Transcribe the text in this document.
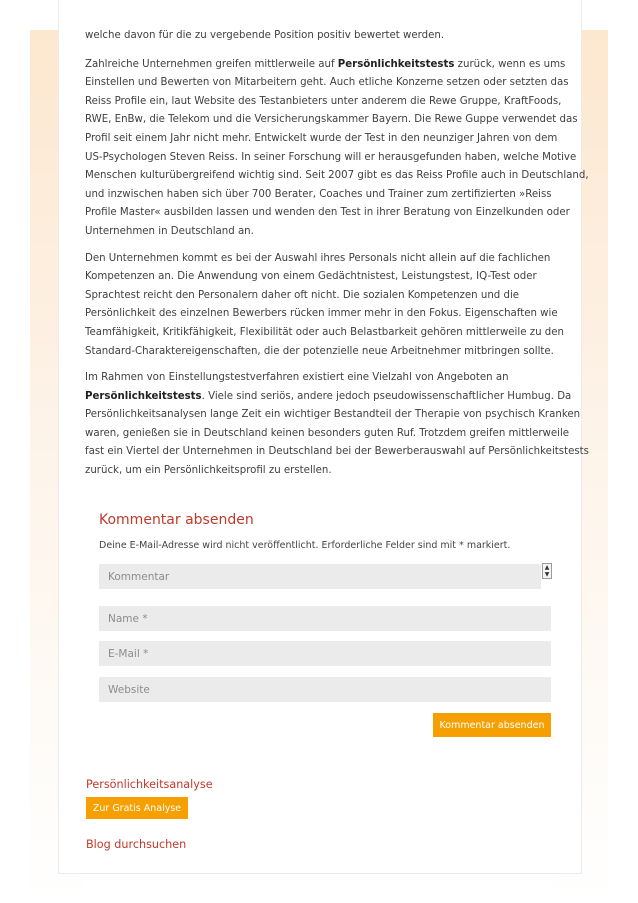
welche davon für die zu vergebende Position positiv bewertet werden.

Zahlreiche Unternehmen greifen mittlerweile auf Persönlichkeitstests zurück, wenn es ums
Einstellen und Bewerten von Mitarbeitern geht. Auch etliche Konzerne setzen oder setzten das
Reiss Profile ein, laut Website des Testanbieters unter anderem die Rewe Gruppe, KraftFoods,
RWE, EnBw, die Telekom und die Versicherungskammer Bayern. Die Rewe Guppe verwendet das
Profil seit einem Jahr nicht mehr. Entwickelt wurde der Test in den neunziger Jahren von dem
US-Psychologen Steven Reiss. In seiner Forschung will er herausgefunden haben, welche Motive
Menschen kulturübergreifend wichtig sind. Seit 2007 gibt es das Reiss Profile auch in Deutschland,
und inzwischen haben sich über 700 Berater, Coaches und Trainer zum zertifizierten »Reiss
Profile Master« ausbilden lassen und wenden den Test in ihrer Beratung von Einzelkunden oder
Unternehmen in Deutschland an.

Den Unternehmen kommt es bei der Auswahl ihres Personals nicht allein auf die fachlichen
Kompetenzen an. Die Anwendung von einem Gedächtnistest, Leistungstest, IQ-Test oder
Sprachtest reicht den Personalern daher oft nicht. Die sozialen Kompetenzen und die
Persönlichkeit des einzelnen Bewerbers rücken immer mehr in den Fokus. Eigenschaften wie
Teamfähigkeit, Kritikfähigkeit, Flexibilität oder auch Belastbarkeit gehören mittlerweile zu den
Standard-Charaktereigenschaften, die der potenzielle neue Arbeitnehmer mitbringen sollte.

Im Rahmen von Einstellungstestverfahren existiert eine Vielzahl von Angeboten an
Persönlichkeitstests. Viele sind seriös, andere jedoch pseudowissenschaftlicher Humbug. Da
Persönlichkeitsanalysen lange Zeit ein wichtiger Bestandteil der Therapie von psychisch Kranken
waren, genießen sie in Deutschland keinen besonders guten Ruf. Trotzdem greifen mittlerweile
fast ein Viertel der Unternehmen in Deutschland bei der Bewerberauswahl auf Persönlichkeitstests
zurück, um ein Persönlichkeitsprofil zu erstellen.

Kommentar absenden
Deine E-Mail-Adresse wird nicht veröffentlicht. Erforderliche Felder sind mit * markiert.
Kommentar
▲
▼
Name *
E-Mail *
Website
Kommentar absenden
Persönlichkeitsanalyse
Zur Gratis Analyse
Blog durchsuchen
